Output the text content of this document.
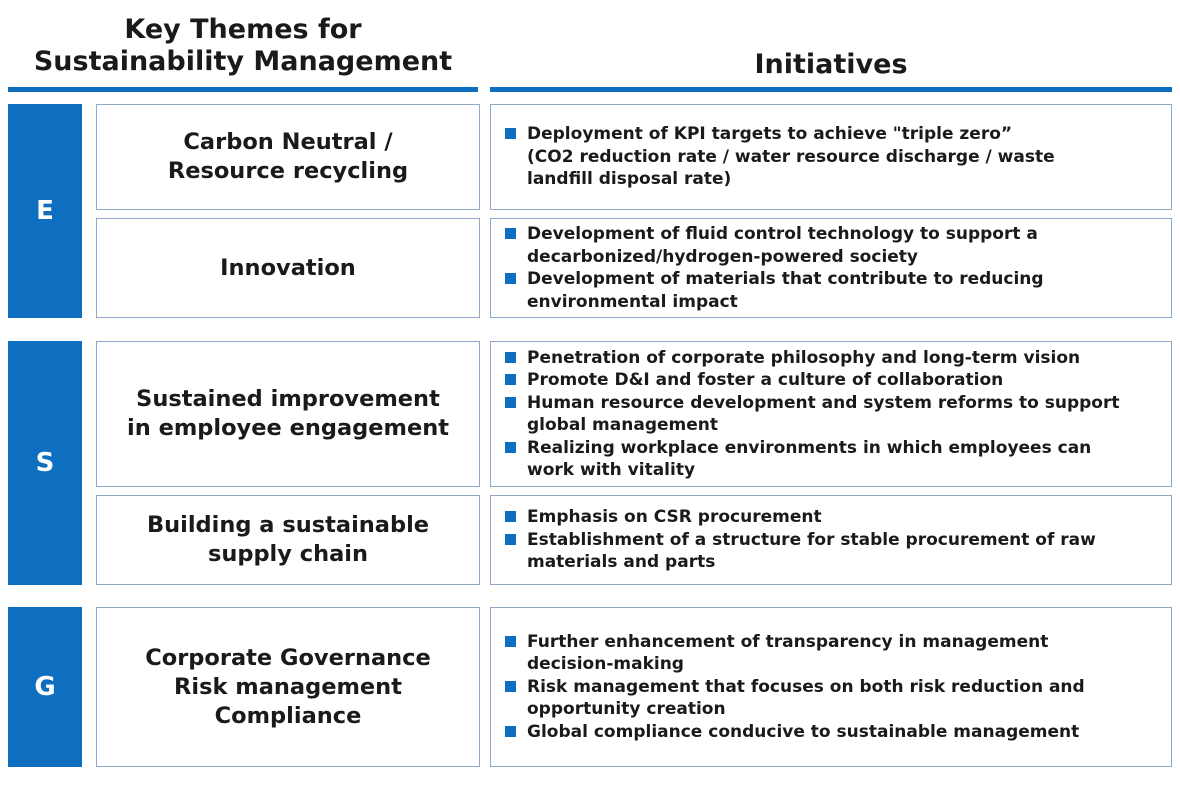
Key Themes for
Sustainability Management	Initiatives
E
S
G
Carbon Neutral /
Resource recycling
Innovation
Sustained improvement
in employee engagement
Building a sustainable
supply chain
Corporate Governance
Risk management
Compliance
Deployment of KPI targets to achieve "triple zero”
(CO2 reduction rate / water resource discharge / waste
landfill disposal rate)
Development of fluid control technology to support a
decarbonized/hydrogen-powered society
Development of materials that contribute to reducing
environmental impact
Penetration of corporate philosophy and long-term vision
Promote D&I and foster a culture of collaboration
Human resource development and system reforms to support
global management
Realizing workplace environments in which employees can
work with vitality
Emphasis on CSR procurement
Establishment of a structure for stable procurement of raw
materials and parts
Further enhancement of transparency in management
decision-making
Risk management that focuses on both risk reduction and
opportunity creation
Global compliance conducive to sustainable management
